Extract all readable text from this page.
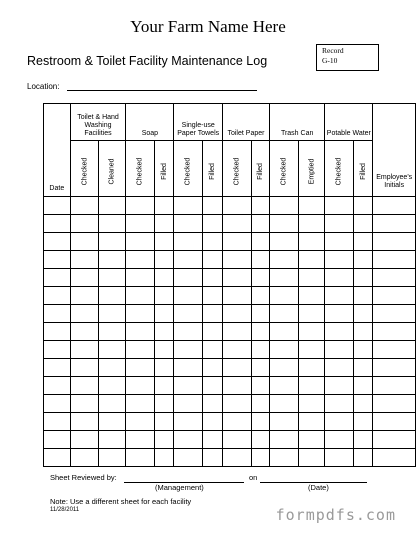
Your Farm Name Here
Record
G-10
Restroom & Toilet Facility Maintenance Log
Location:
Date	Toilet & Hand Washing Facilities		Soap		Single-use Paper Towels		Toilet Paper		Trash Can		Potable Water		Employee's Initials
	Checked	Cleaned	Checked	Filled	Checked	Filled	Checked	Filled	Checked	Emptied	Checked	Filled	

Sheet Reviewed by:	on
(Management)	(Date)
Note: Use a different sheet for each facility
11/28/2011	formpdfs.com
